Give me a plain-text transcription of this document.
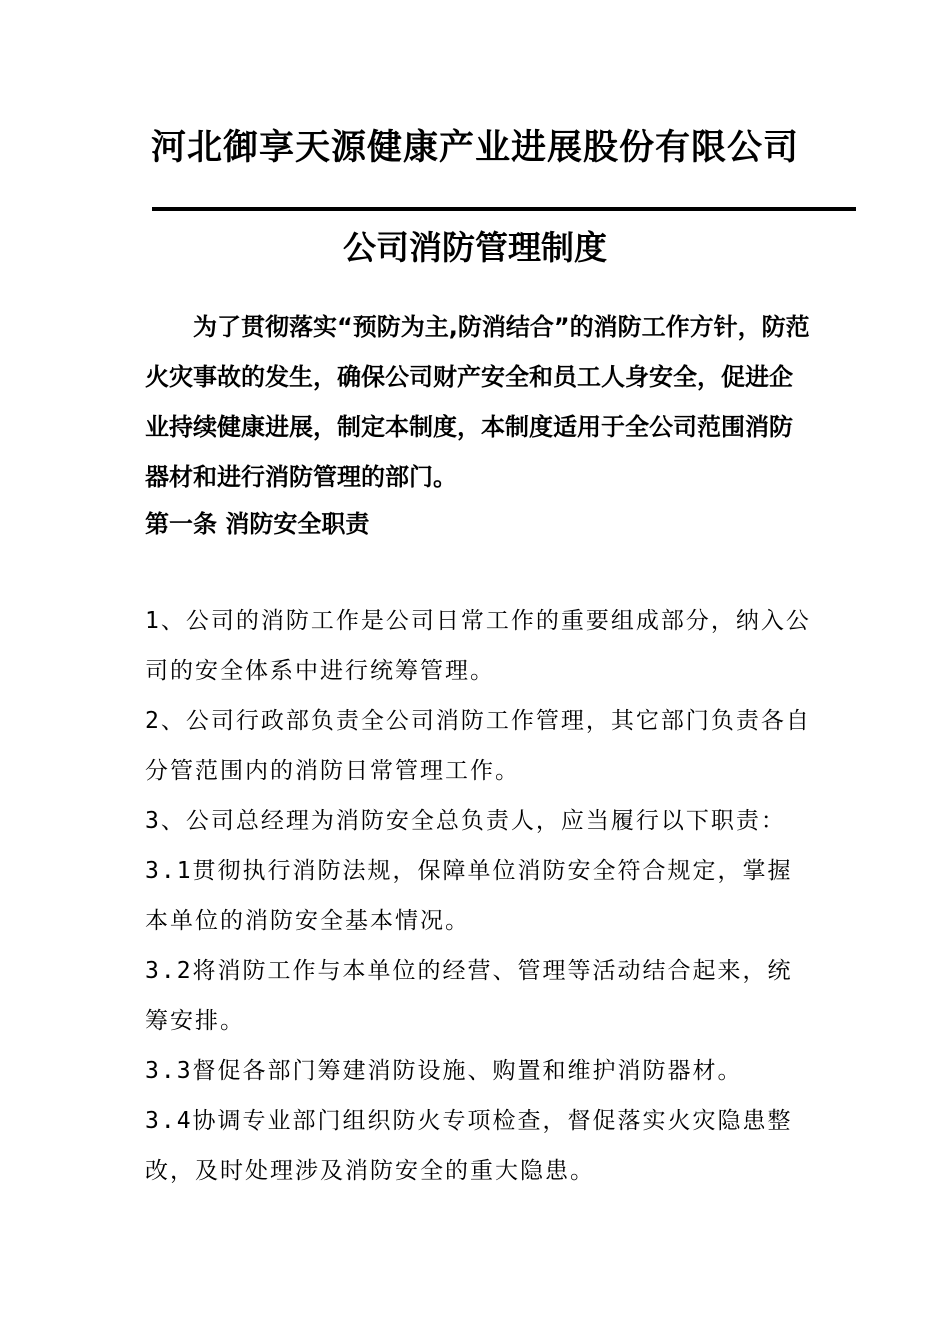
河北御享天源健康产业进展股份有限公司
公司消防管理制度

为了贯彻落实“预防为主,防消结合”的消防工作方针，防范火灾事故的发生，确保公司财产安全和员工人身安全，促进企业持续健康进展，制定本制度，本制度适用于全公司范围消防器材和进行消防管理的部门。

第一条 消防安全职责

1、公司的消防工作是公司日常工作的重要组成部分，纳入公司的安全体系中进行统筹管理。

2、公司行政部负责全公司消防工作管理，其它部门负责各自分管范围内的消防日常管理工作。

3、公司总经理为消防安全总负责人，应当履行以下职责：

3.1贯彻执行消防法规，保障单位消防安全符合规定，掌握本单位的消防安全基本情况。

3.2将消防工作与本单位的经营、管理等活动结合起来，统筹安排。

3.3督促各部门筹建消防设施、购置和维护消防器材。

3.4协调专业部门组织防火专项检查，督促落实火灾隐患整改，及时处理涉及消防安全的重大隐患。
